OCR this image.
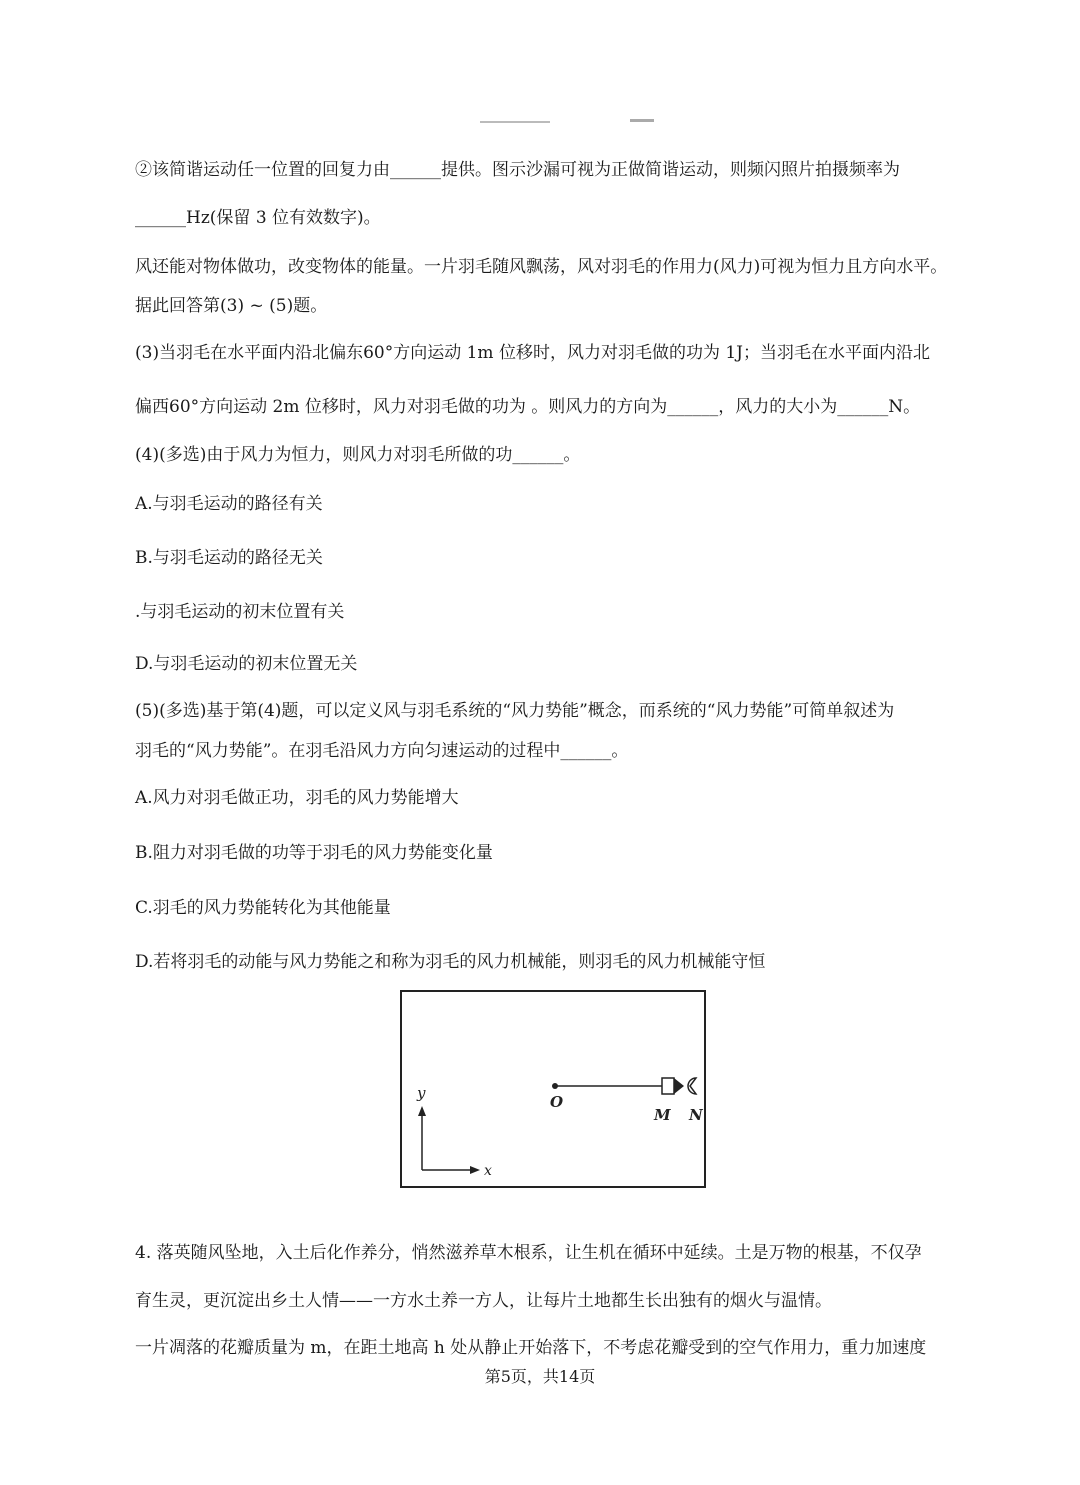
②该简谐运动任一位置的回复力由______提供。图示沙漏可视为正做简谐运动，则频闪照片拍摄频率为
______Hz(保留 3 位有效数字)。
风还能对物体做功，改变物体的能量。一片羽毛随风飘荡，风对羽毛的作用力(风力)可视为恒力且方向水平。
据此回答第(3) ~ (5)题。
(3)当羽毛在水平面内沿北偏东60°方向运动 1m 位移时，风力对羽毛做的功为 1J；当羽毛在水平面内沿北
偏西60°方向运动 2m 位移时，风力对羽毛做的功为 。则风力的方向为______，风力的大小为______N。
(4)(多选)由于风力为恒力，则风力对羽毛所做的功______。
A.与羽毛运动的路径有关
B.与羽毛运动的路径无关
.与羽毛运动的初末位置有关
D.与羽毛运动的初末位置无关
(5)(多选)基于第(4)题，可以定义风与羽毛系统的“风力势能”概念，而系统的“风力势能”可简单叙述为
羽毛的“风力势能”。在羽毛沿风力方向匀速运动的过程中______。
A.风力对羽毛做正功，羽毛的风力势能增大
B.阻力对羽毛做的功等于羽毛的风力势能变化量
C.羽毛的风力势能转化为其他能量
D.若将羽毛的动能与风力势能之和称为羽毛的风力机械能，则羽毛的风力机械能守恒
y
x
O
M N
4. 落英随风坠地，入土后化作养分，悄然滋养草木根系，让生机在循环中延续。土是万物的根基，不仅孕
育生灵，更沉淀出乡土人情——一方水土养一方人，让每片土地都生长出独有的烟火与温情。
一片凋落的花瓣质量为 m，在距土地高 h 处从静止开始落下，不考虑花瓣受到的空气作用力，重力加速度
第5页，共14页
